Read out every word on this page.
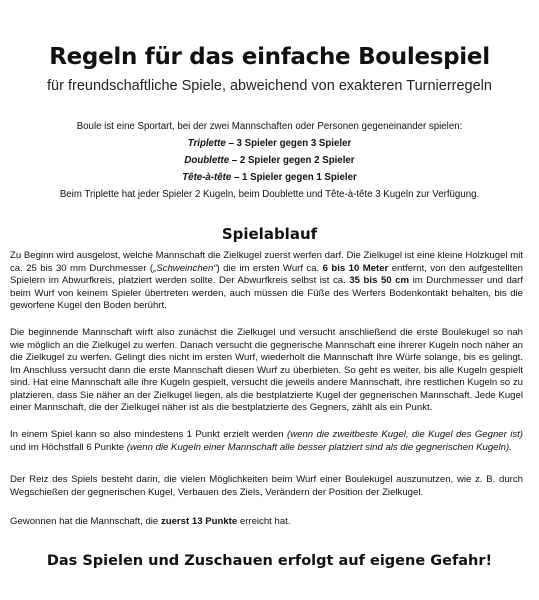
Regeln für das einfache Boulespiel
für freundschaftliche Spiele, abweichend von exakteren Turnierregeln
Boule ist eine Sportart, bei der zwei Mannschaften oder Personen gegeneinander spielen:
Triplette – 3 Spieler gegen 3 Spieler
Doublette – 2 Spieler gegen 2 Spieler
Tête-à-tête – 1 Spieler gegen 1 Spieler
Beim Triplette hat jeder Spieler 2 Kugeln, beim Doublette und Tête-à-tête 3 Kugeln zur Verfügung.
Spielablauf
Zu Beginn wird ausgelost, welche Mannschaft die Zielkugel zuerst werfen darf. Die Zielkugel ist eine kleine Holzkugel mit ca. 25 bis 30 mm Durchmesser („Schweinchen“) die im ersten Wurf ca. 6 bis 10 Meter entfernt, von den aufgestellten Spielern im Abwurfkreis, platziert werden sollte. Der Abwurfkreis selbst ist ca. 35 bis 50 cm im Durchmesser und darf beim Wurf von keinem Spieler übertreten werden, auch müssen die Füße des Werfers Bodenkontakt behalten, bis die geworfene Kugel den Boden berührt.
Die beginnende Mannschaft wirft also zunächst die Zielkugel und versucht anschließend die erste Boulekugel so nah wie möglich an die Zielkugel zu werfen. Danach versucht die gegnerische Mannschaft eine ihrerer Kugeln noch näher an die Zielkugel zu werfen. Gelingt dies nicht im ersten Wurf, wiederholt die Mannschaft Ihre Würfe solange, bis es gelingt. Im Anschluss versucht dann die erste Mannschaft diesen Wurf zu überbieten. So geht es weiter, bis alle Kugeln gespielt sind. Hat eine Mannschaft alle ihre Kugeln gespielt, versucht die jeweils andere Mannschaft, ihre restlichen Kugeln so zu platzieren, dass Sie näher an der Zielkugel liegen, als die bestplatzierte Kugel der gegnerischen Mannschaft. Jede Kugel einer Mannschaft, die der Zielkugel näher ist als die bestplatzierte des Gegners, zählt als ein Punkt.
In einem Spiel kann so also mindestens 1 Punkt erzielt werden (wenn die zweitbeste Kugel, die Kugel des Gegner ist) und im Höchstfall 6 Punkte (wenn die Kugeln einer Mannschaft alle besser platziert sind als die gegnerischen Kugeln).
Der Reiz des Spiels besteht darin, die vielen Möglichkeiten beim Wurf einer Boulekugel auszunutzen, wie z. B. durch Wegschießen der gegnerischen Kugel, Verbauen des Ziels, Verändern der Position der Zielkugel.
Gewonnen hat die Mannschaft, die zuerst 13 Punkte erreicht hat.
Das Spielen und Zuschauen erfolgt auf eigene Gefahr!
